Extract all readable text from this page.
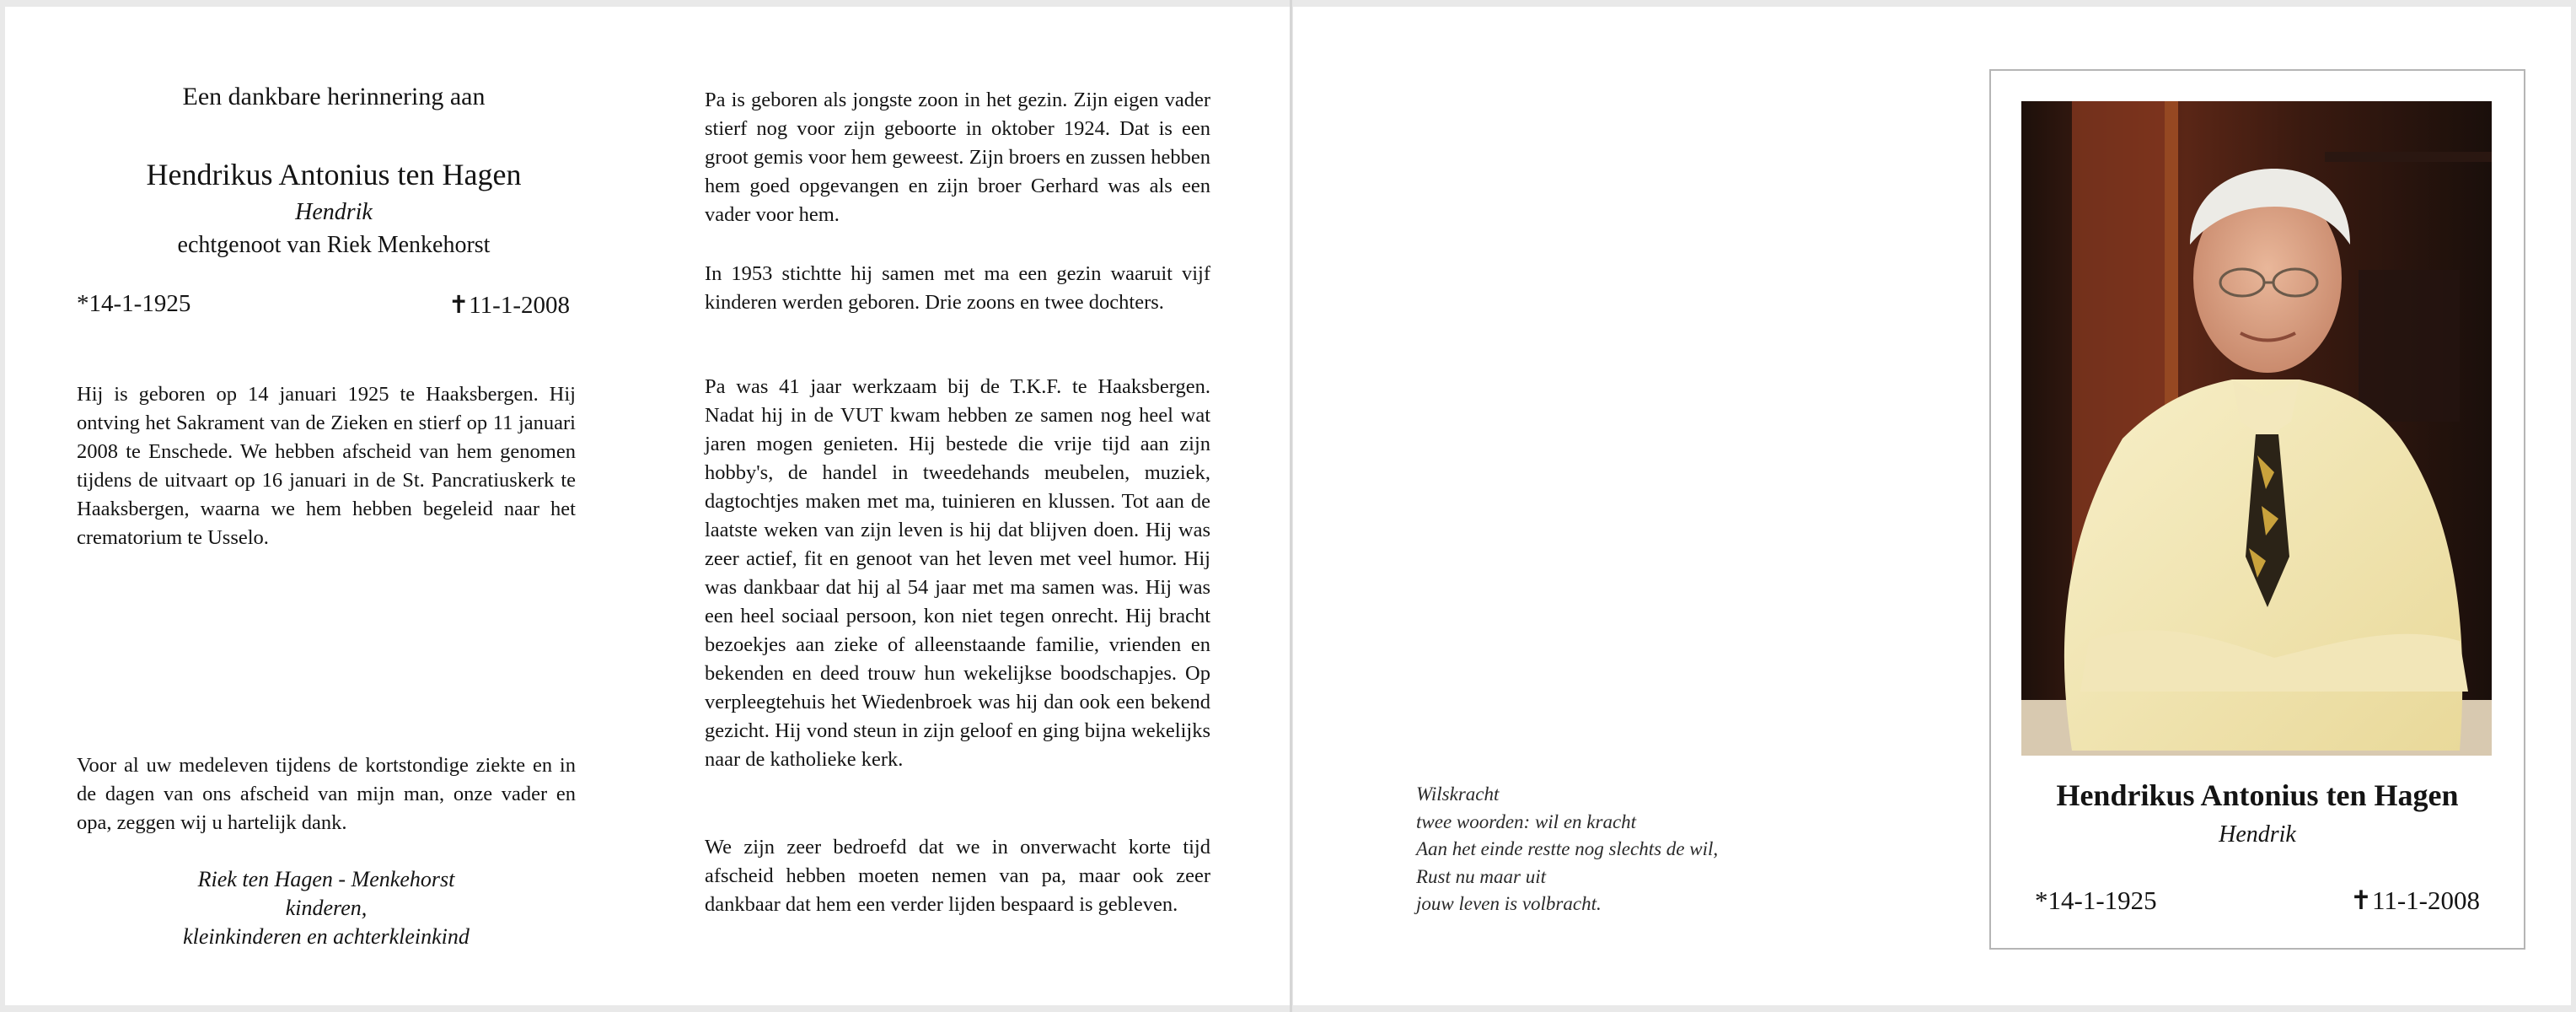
Een dankbare herinnering aan
Hendrikus Antonius ten Hagen
Hendrik
echtgenoot van Riek Menkehorst
*14-1-1925	✝11-1-2008
Hij is geboren op 14 januari 1925 te Haaksbergen. Hij ontving het Sakrament van de Zieken en stierf op 11 januari 2008 te Enschede. We hebben afscheid van hem genomen tijdens de uitvaart op 16 januari in de St. Pancratiuskerk te Haaksbergen, waarna we hem hebben begeleid naar het crematorium te Usselo.
Voor al uw medeleven tijdens de kortstondige ziekte en in de dagen van ons afscheid van mijn man, onze vader en opa, zeggen wij u hartelijk dank.
Riek ten Hagen - Menkehorst
kinderen,
kleinkinderen en achterkleinkind
Pa is geboren als jongste zoon in het gezin. Zijn eigen vader stierf nog voor zijn geboorte in oktober 1924. Dat is een groot gemis voor hem geweest. Zijn broers en zussen hebben hem goed opgevangen en zijn broer Gerhard was als een vader voor hem.
In 1953 stichtte hij samen met ma een gezin waaruit vijf kinderen werden geboren. Drie zoons en twee dochters.
Pa was 41 jaar werkzaam bij de T.K.F. te Haaksbergen. Nadat hij in de VUT kwam hebben ze samen nog heel wat jaren mogen genieten. Hij bestede die vrije tijd aan zijn hobby's, de handel in tweedehands meubelen, muziek, dagtochtjes maken met ma, tuinieren en klussen. Tot aan de laatste weken van zijn leven is hij dat blijven doen. Hij was zeer actief, fit en genoot van het leven met veel humor. Hij was dankbaar dat hij al 54 jaar met ma samen was. Hij was een heel sociaal persoon, kon niet tegen onrecht. Hij bracht bezoekjes aan zieke of alleenstaande familie, vrienden en bekenden en deed trouw hun wekelijkse boodschapjes. Op verpleegtehuis het Wiedenbroek was hij dan ook een bekend gezicht. Hij vond steun in zijn geloof en ging bijna wekelijks naar de katholieke kerk.
We zijn zeer bedroefd dat we in onverwacht korte tijd afscheid hebben moeten nemen van pa, maar ook zeer dankbaar dat hem een verder lijden bespaard is gebleven.
Wilskracht
twee woorden: wil en kracht
Aan het einde restte nog slechts de wil,
Rust nu maar uit
jouw leven is volbracht.
Hendrikus Antonius ten Hagen
Hendrik
*14-1-1925	✝11-1-2008
